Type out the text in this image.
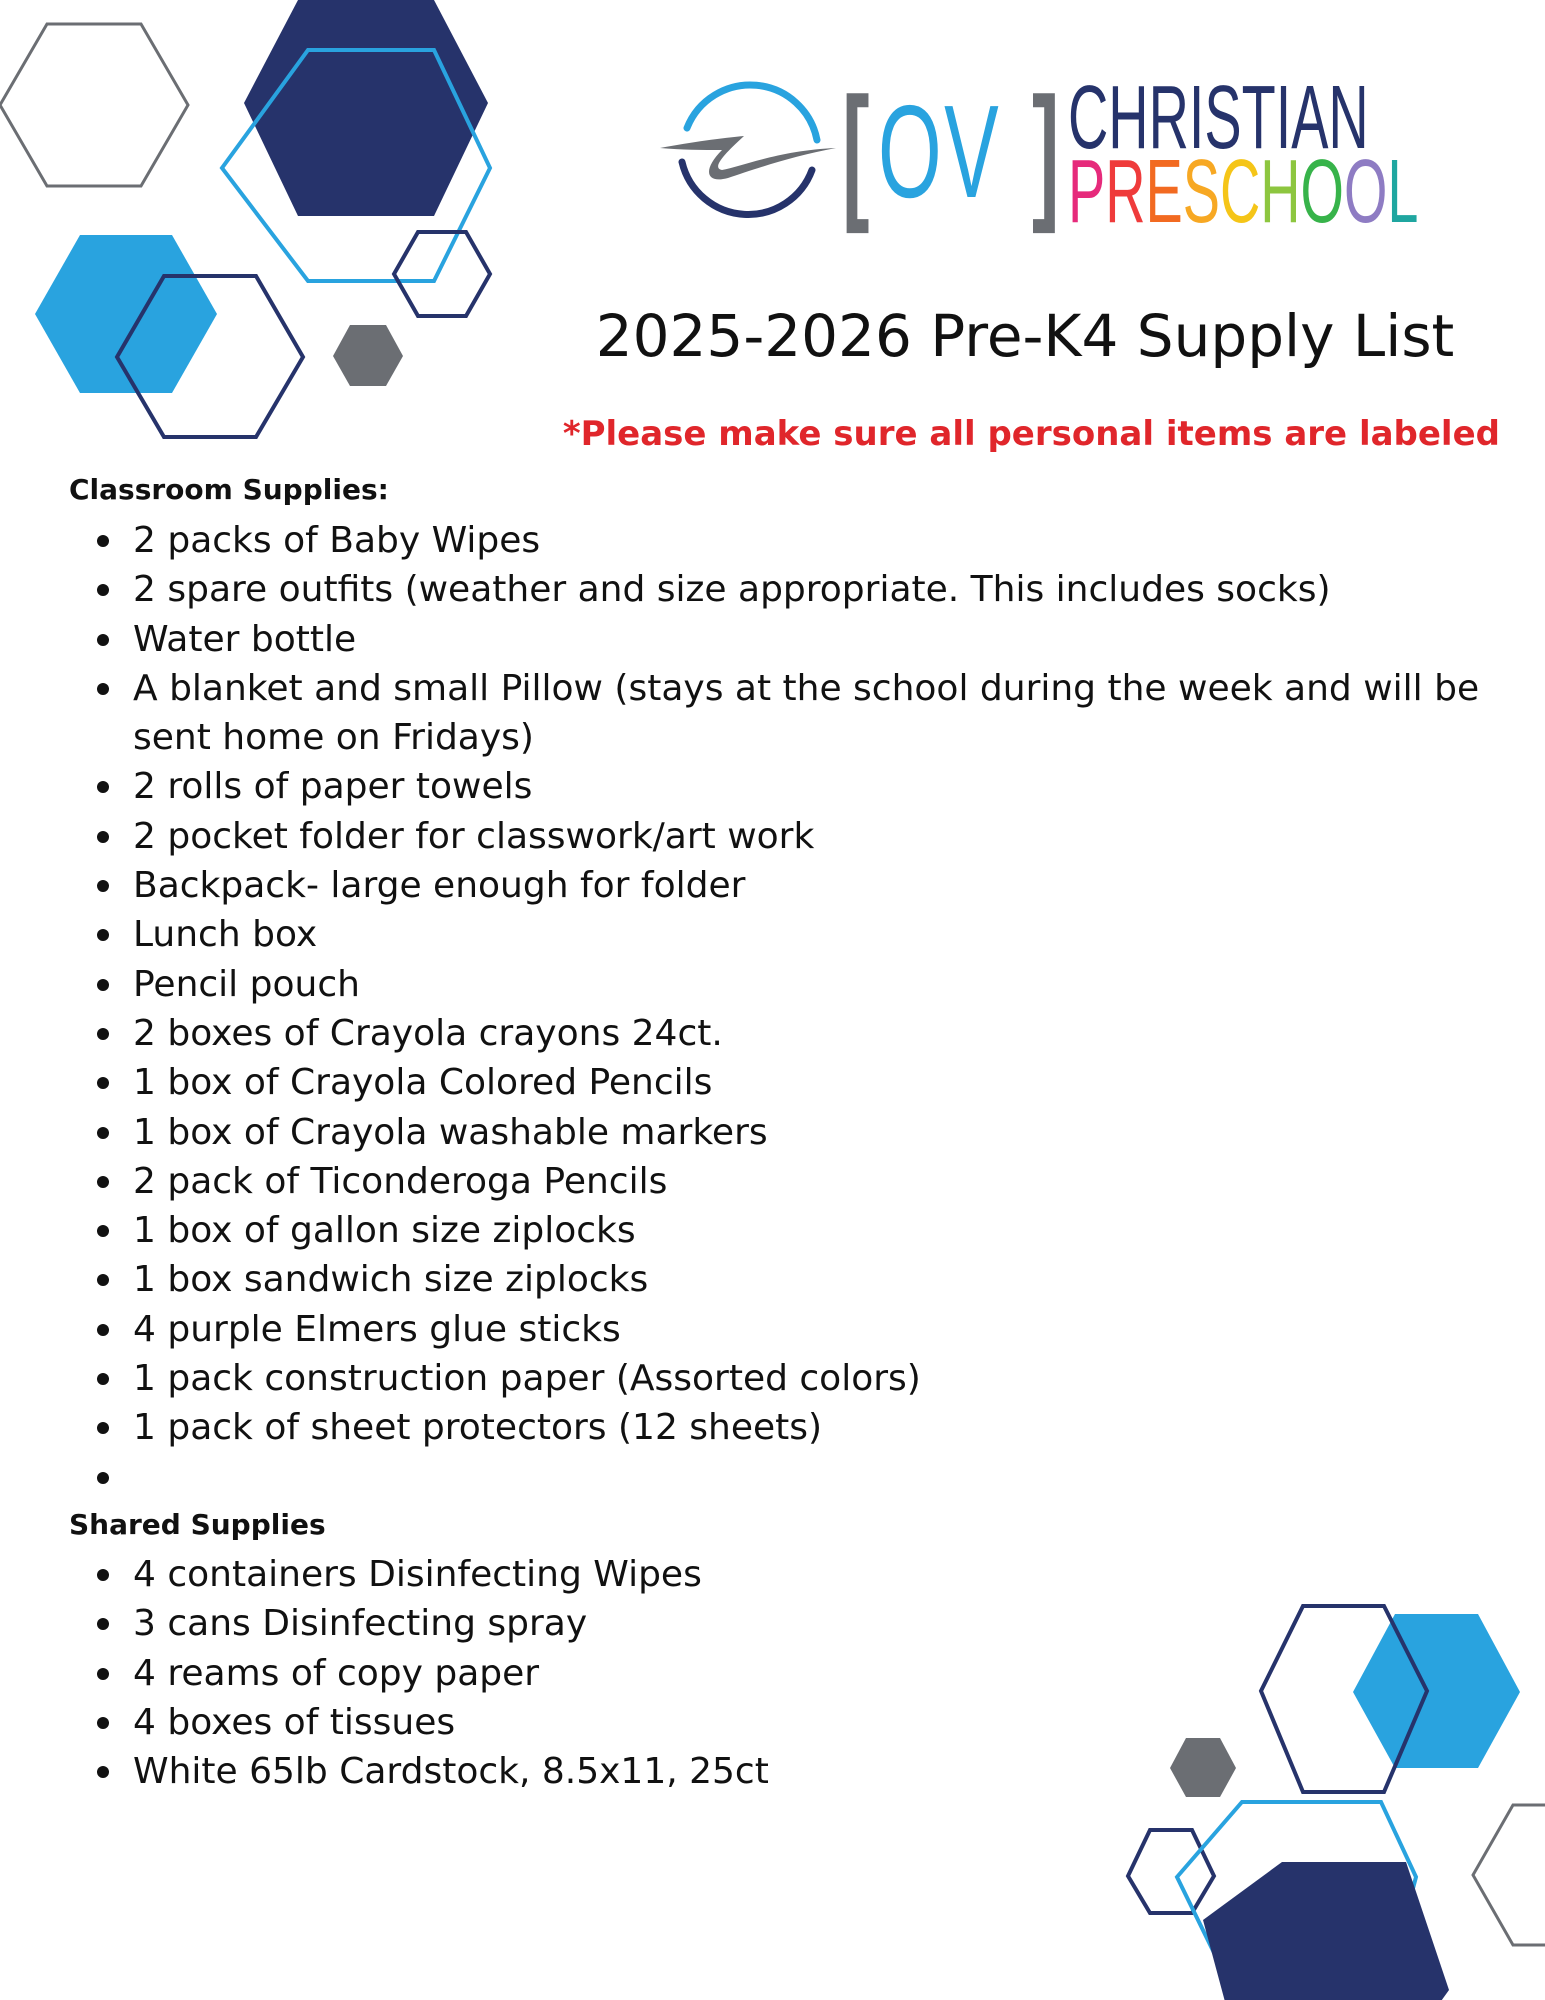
[ OV ] CHRISTIAN
PRESCHOOL
2025-2026 Pre-K4 Supply List
*Please make sure all personal items are labeled
Classroom Supplies:
2 packs of Baby Wipes
2 spare outfits (weather and size appropriate. This includes socks)
Water bottle
A blanket and small Pillow (stays at the school during the week and will be sent home on Fridays)
2 rolls of paper towels
2 pocket folder for classwork/art work
Backpack- large enough for folder
Lunch box
Pencil pouch
2 boxes of Crayola crayons 24ct.
1 box of Crayola Colored Pencils
1 box of Crayola washable markers
2 pack of Ticonderoga Pencils
1 box of gallon size ziplocks
1 box sandwich size ziplocks
4 purple Elmers glue sticks
1 pack construction paper (Assorted colors)
1 pack of sheet protectors (12 sheets)
Shared Supplies
4 containers Disinfecting Wipes
3 cans Disinfecting spray
4 reams of copy paper
4 boxes of tissues
White 65lb Cardstock, 8.5x11, 25ct
